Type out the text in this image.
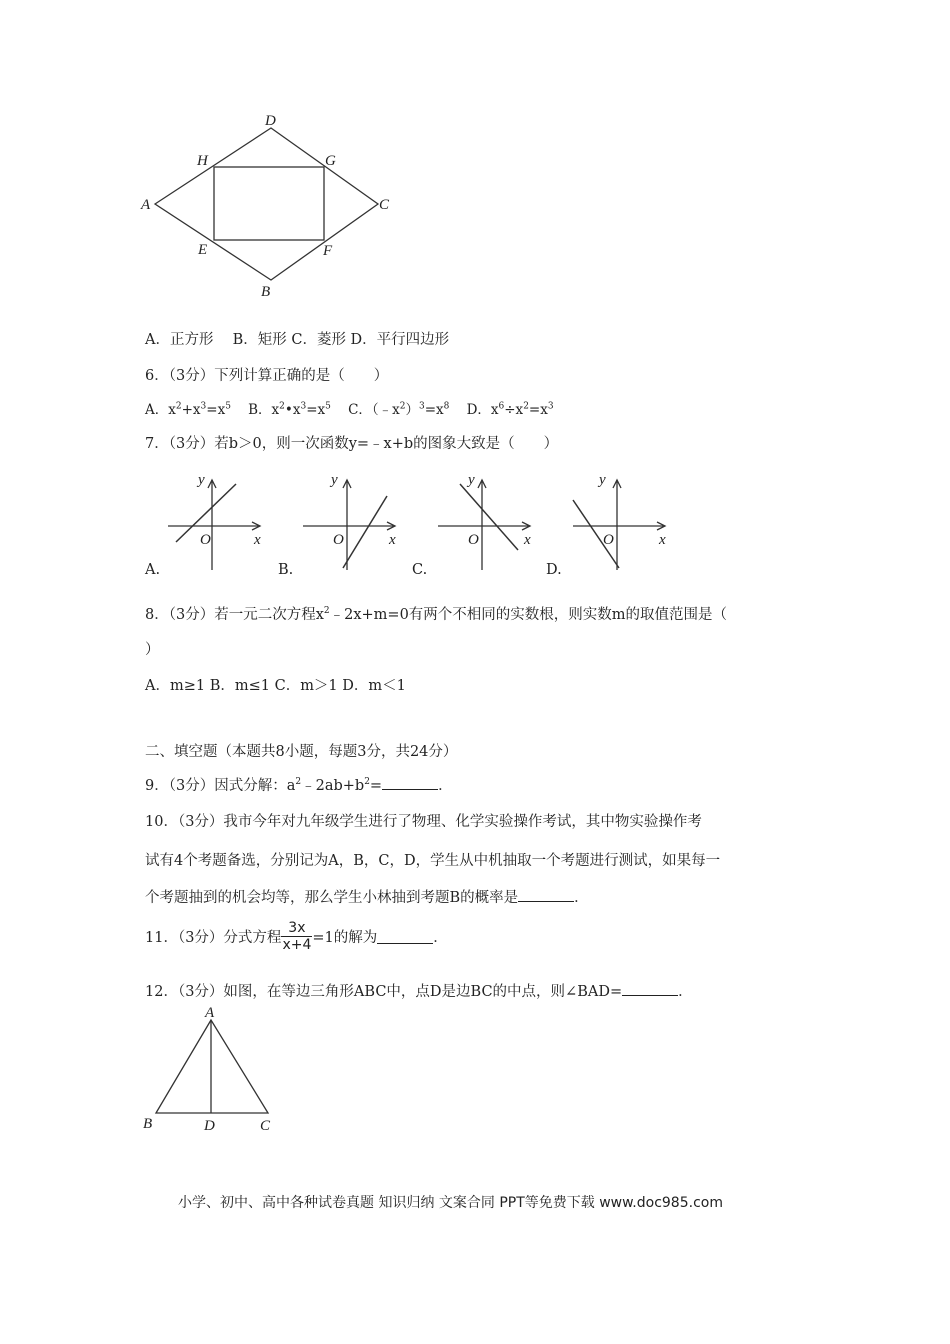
A
D
C
B
H	G
E	F
A．正方形　 B．矩形 C．菱形 D．平行四边形
6．（3分）下列计算正确的是（　　）
A．$x^2+x^3=x^5$ B．$x^2•x^3=x^5$ C．$(﹣x^2)^3=x^8$ D．$x^6\div x^2=x^3$
7．（3分）若b＞0，则一次函数y=﹣x+b的图象大致是（　　）
y
x
O
A.
y
x
O
B.
y
x
O
C.
y
x
O
D.
8．（3分）若一元二次方程$x^2﹣2x+m=0$有两个不相同的实数根，则实数m的取值范围是（
）
A．m≥1 B．m≤1 C．m＞1 D．m＜1
二、填空题（本题共8小题，每题3分，共24分）
9．（3分）因式分解：$a^2﹣2ab+b^2=$	．
10．（3分）我市今年对九年级学生进行了物理、化学实验操作考试，其中物实验操作考
试有4个考题备选，分别记为A，B，C，D，学生从中机抽取一个考题进行测试，如果每一
个考题抽到的机会均等，那么学生小林抽到考题B的概率是	．
11．（3分）分式方程 $\frac{3x}{x+4} =1$的解为	．
12．（3分）如图，在等边三角形ABC中，点D是边BC的中点，则∠BAD=	．
A
B	D	C
小学、初中、高中各种试卷真题 知识归纳 文案合同 PPT等免费下载 www.doc985.com
